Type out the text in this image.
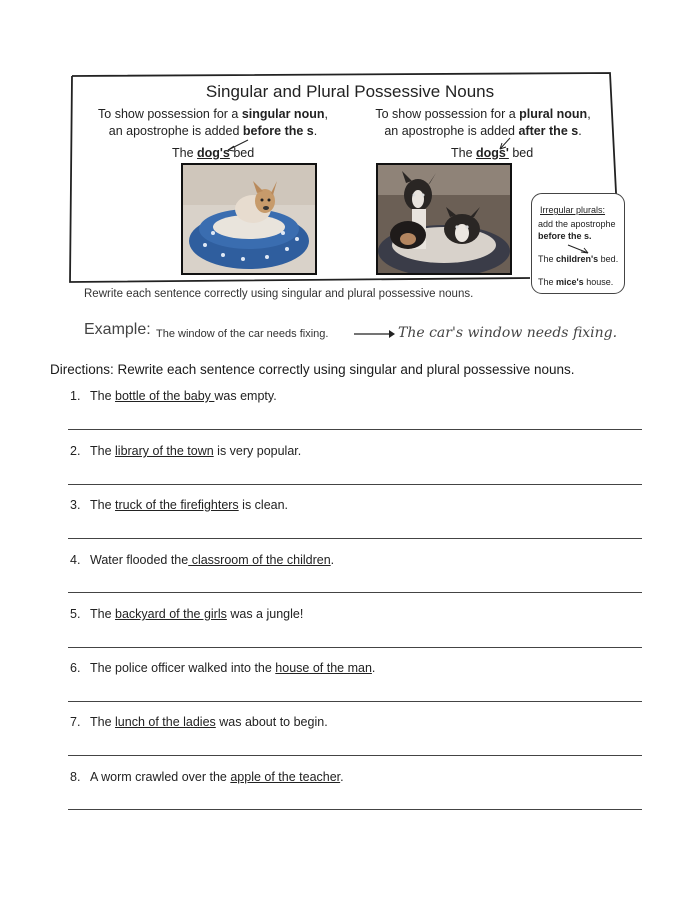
Singular and Plural Possessive Nouns
To show possession for a singular noun,
an apostrophe is added before the s.
To show possession for a plural noun,
an apostrophe is added after the s.
The dog's bed	The dogs' bed
Irregular plurals:
add the apostrophe
before the s.
The children's bed.
The mice's house.
Rewrite each sentence correctly using singular and plural possessive nouns.
Example: The window of the car needs fixing.	The car's window needs fixing.
Directions: Rewrite each sentence correctly using singular and plural possessive nouns.
1. The bottle of the baby was empty.
2. The library of the town is very popular.
3. The truck of the firefighters is clean.
4. Water flooded the classroom of the children.
5. The backyard of the girls was a jungle!
6. The police officer walked into the house of the man.
7. The lunch of the ladies was about to begin.
8. A worm crawled over the apple of the teacher.
